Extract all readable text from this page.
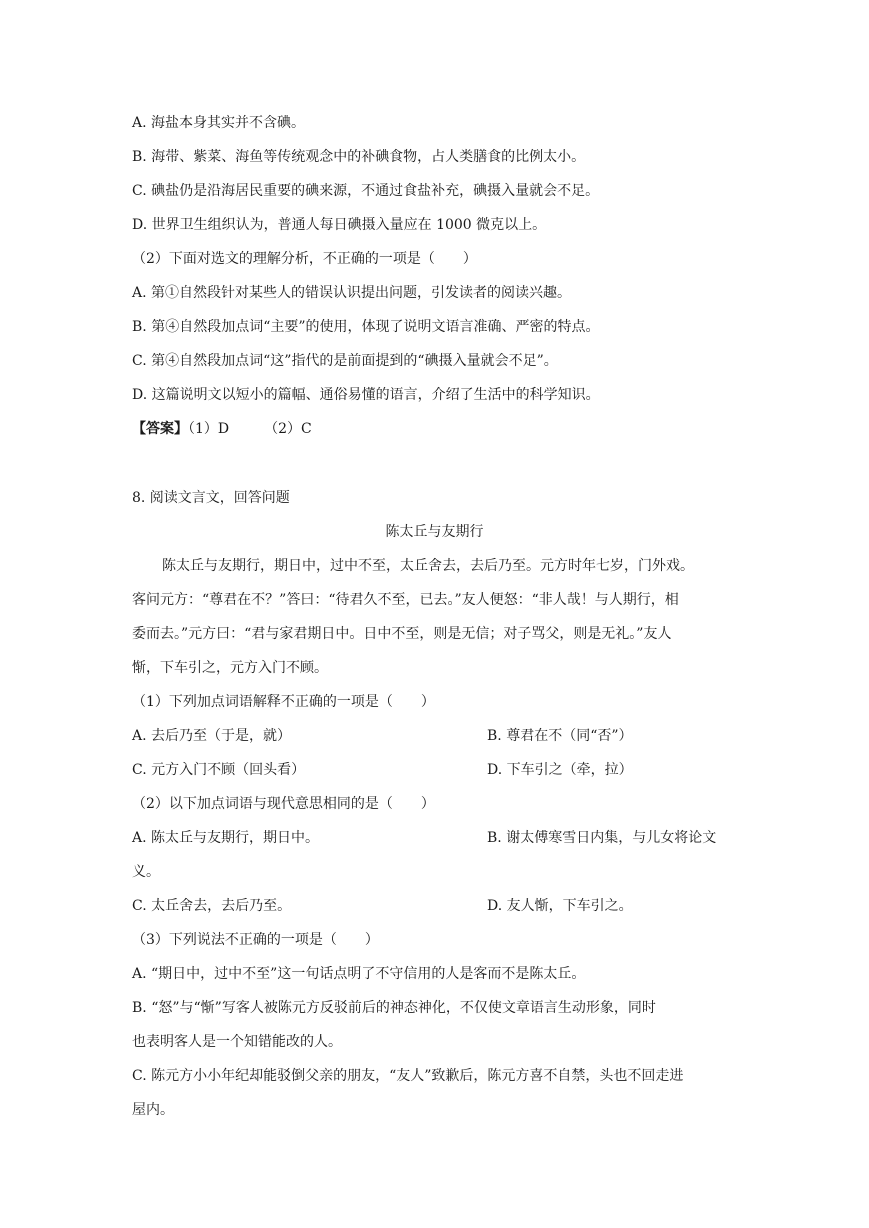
A. 海盐本身其实并不含碘。
B. 海带、紫菜、海鱼等传统观念中的补碘食物，占人类膳食的比例太小。
C. 碘盐仍是沿海居民重要的碘来源，不通过食盐补充，碘摄入量就会不足。
D. 世界卫生组织认为，普通人每日碘摄入量应在 1000 微克以上。
（2）下面对选文的理解分析，不正确的一项是（　　）
A. 第①自然段针对某些人的错误认识提出问题，引发读者的阅读兴趣。
B. 第④自然段加点词“主要”的使用，体现了说明文语言准确、严密的特点。
C. 第④自然段加点词“这”指代的是前面提到的“碘摄入量就会不足”。
D. 这篇说明文以短小的篇幅、通俗易懂的语言，介绍了生活中的科学知识。
【答案】（1）D　　　（2）C
8. 阅读文言文，回答问题
陈太丘与友期行
陈太丘与友期行，期日中，过中不至，太丘舍去，去后乃至。元方时年七岁，门外戏。
客问元方：“尊君在不？”答曰：“待君久不至，已去。”友人便怒：“非人哉！与人期行，相
委而去。”元方曰：“君与家君期日中。日中不至，则是无信；对子骂父，则是无礼。”友人
惭，下车引之，元方入门不顾。
（1）下列加点词语解释不正确的一项是（　　）
A. 去后乃至（于是，就）	B. 尊君在不（同“否”）
C. 元方入门不顾（回头看）	D. 下车引之（牵，拉）
（2）以下加点词语与现代意思相同的是（　　）
A. 陈太丘与友期行，期日中。	B. 谢太傅寒雪日内集，与儿女将论文
义。
C. 太丘舍去，去后乃至。	D. 友人惭，下车引之。
（3）下列说法不正确的一项是（　　）
A. “期日中，过中不至”这一句话点明了不守信用的人是客而不是陈太丘。
B. “怒”与“惭”写客人被陈元方反驳前后的神态神化，不仅使文章语言生动形象，同时
也表明客人是一个知错能改的人。
C. 陈元方小小年纪却能驳倒父亲的朋友，“友人”致歉后，陈元方喜不自禁，头也不回走进
屋内。
